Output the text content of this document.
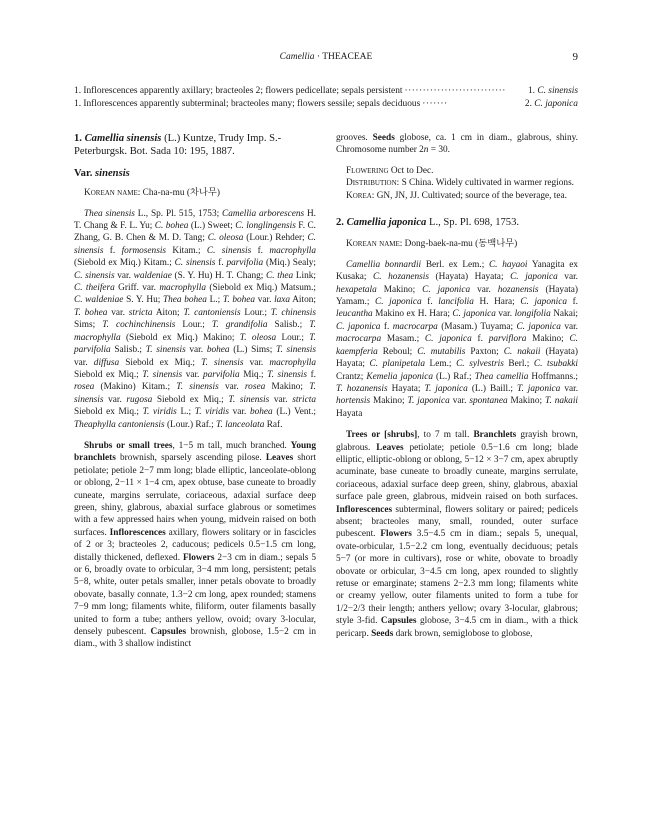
Camellia · THEACEAE	9
1. Inflorescences apparently axillary; bracteoles 2; flowers pedicellate; sepals persistent ····························	1. C. sinensis
1. Inflorescences apparently subterminal; bracteoles many; flowers sessile; sepals deciduous ·······	2. C. japonica

1. Camellia sinensis (L.) Kuntze, Trudy Imp. S.-Peterburgsk. Bot. Sada 10: 195, 1887.

Var. sinensis

Korean name: Cha-na-mu (차나무)

Thea sinensis L., Sp. Pl. 515, 1753; Camellia arborescens H. T. Chang & F. L. Yu; C. bohea (L.) Sweet; C. longlingensis F. C. Zhang, G. B. Chen & M. D. Tang; C. oleosa (Lour.) Rehder; C. sinensis f. formosensis Kitam.; C. sinensis f. macrophylla (Siebold ex Miq.) Kitam.; C. sinensis f. parvifolia (Miq.) Sealy; C. sinensis var. waldeniae (S. Y. Hu) H. T. Chang; C. thea Link; C. theifera Griff. var. macrophylla (Siebold ex Miq.) Matsum.; C. waldeniae S. Y. Hu; Thea bohea L.; T. bohea var. laxa Aiton; T. bohea var. stricta Aiton; T. cantoniensis Lour.; T. chinensis Sims; T. cochinchinensis Lour.; T. grandifolia Salisb.; T. macrophylla (Siebold ex Miq.) Makino; T. oleosa Lour.; T. parvifolia Salisb.; T. sinensis var. bohea (L.) Sims; T. sinensis var. diffusa Siebold ex Miq.; T. sinensis var. macrophylla Siebold ex Miq.; T. sinensis var. parvifolia Miq.; T. sinensis f. rosea (Makino) Kitam.; T. sinensis var. rosea Makino; T. sinensis var. rugosa Siebold ex Miq.; T. sinensis var. stricta Siebold ex Miq.; T. viridis L.; T. viridis var. bohea (L.) Vent.; Theaphylla cantoniensis (Lour.) Raf.; T. lanceolata Raf.

Shrubs or small trees, 1−5 m tall, much branched. Young branchlets brownish, sparsely ascending pilose. Leaves short petiolate; petiole 2−7 mm long; blade elliptic, lanceolate-oblong or oblong, 2−11 × 1−4 cm, apex obtuse, base cuneate to broadly cuneate, margins serrulate, coriaceous, adaxial surface deep green, shiny, glabrous, abaxial surface glabrous or sometimes with a few appressed hairs when young, midvein raised on both surfaces. Inflorescences axillary, flowers solitary or in fascicles of 2 or 3; bracteoles 2, caducous; pedicels 0.5−1.5 cm long, distally thickened, deflexed. Flowers 2−3 cm in diam.; sepals 5 or 6, broadly ovate to orbicular, 3−4 mm long, persistent; petals 5−8, white, outer petals smaller, inner petals obovate to broadly obovate, basally connate, 1.3−2 cm long, apex rounded; stamens 7−9 mm long; filaments white, filiform, outer filaments basally united to form a tube; anthers yellow, ovoid; ovary 3-locular, densely pubescent. Capsules brownish, globose, 1.5−2 cm in diam., with 3 shallow indistinct

grooves. Seeds globose, ca. 1 cm in diam., glabrous, shiny. Chromosome number 2n = 30.

Flowering Oct to Dec.

Distribution: S China. Widely cultivated in warmer regions.

Korea: GN, JN, JJ. Cultivated; source of the beverage, tea.

2. Camellia japonica L., Sp. Pl. 698, 1753.

Korean name: Dong-baek-na-mu (동백나무)

Camellia bonnardii Berl. ex Lem.; C. hayaoi Yanagita ex Kusaka; C. hozanensis (Hayata) Hayata; C. japonica var. hexapetala Makino; C. japonica var. hozanensis (Hayata) Yamam.; C. japonica f. lancifolia H. Hara; C. japonica f. leucantha Makino ex H. Hara; C. japonica var. longifolia Nakai; C. japonica f. macrocarpa (Masam.) Tuyama; C. japonica var. macrocarpa Masam.; C. japonica f. parviflora Makino; C. kaempferia Reboul; C. mutabilis Paxton; C. nakaii (Hayata) Hayata; C. planipetala Lem.; C. sylvestris Berl.; C. tsubakki Crantz; Kemelia japonica (L.) Raf.; Thea camellia Hoffmanns.; T. hozanensis Hayata; T. japonica (L.) Baill.; T. japonica var. hortensis Makino; T. japonica var. spontanea Makino; T. nakaii Hayata

Trees or [shrubs], to 7 m tall. Branchlets grayish brown, glabrous. Leaves petiolate; petiole 0.5−1.6 cm long; blade elliptic, elliptic-oblong or oblong, 5−12 × 3−7 cm, apex abruptly acuminate, base cuneate to broadly cuneate, margins serrulate, coriaceous, adaxial surface deep green, shiny, glabrous, abaxial surface pale green, glabrous, midvein raised on both surfaces. Inflorescences subterminal, flowers solitary or paired; pedicels absent; bracteoles many, small, rounded, outer surface pubescent. Flowers 3.5−4.5 cm in diam.; sepals 5, unequal, ovate-orbicular, 1.5−2.2 cm long, eventually deciduous; petals 5−7 (or more in cultivars), rose or white, obovate to broadly obovate or orbicular, 3−4.5 cm long, apex rounded to slightly retuse or emarginate; stamens 2−2.3 mm long; filaments white or creamy yellow, outer filaments united to form a tube for 1/2−2/3 their length; anthers yellow; ovary 3-locular, glabrous; style 3-fid. Capsules globose, 3−4.5 cm in diam., with a thick pericarp. Seeds dark brown, semiglobose to globose,
